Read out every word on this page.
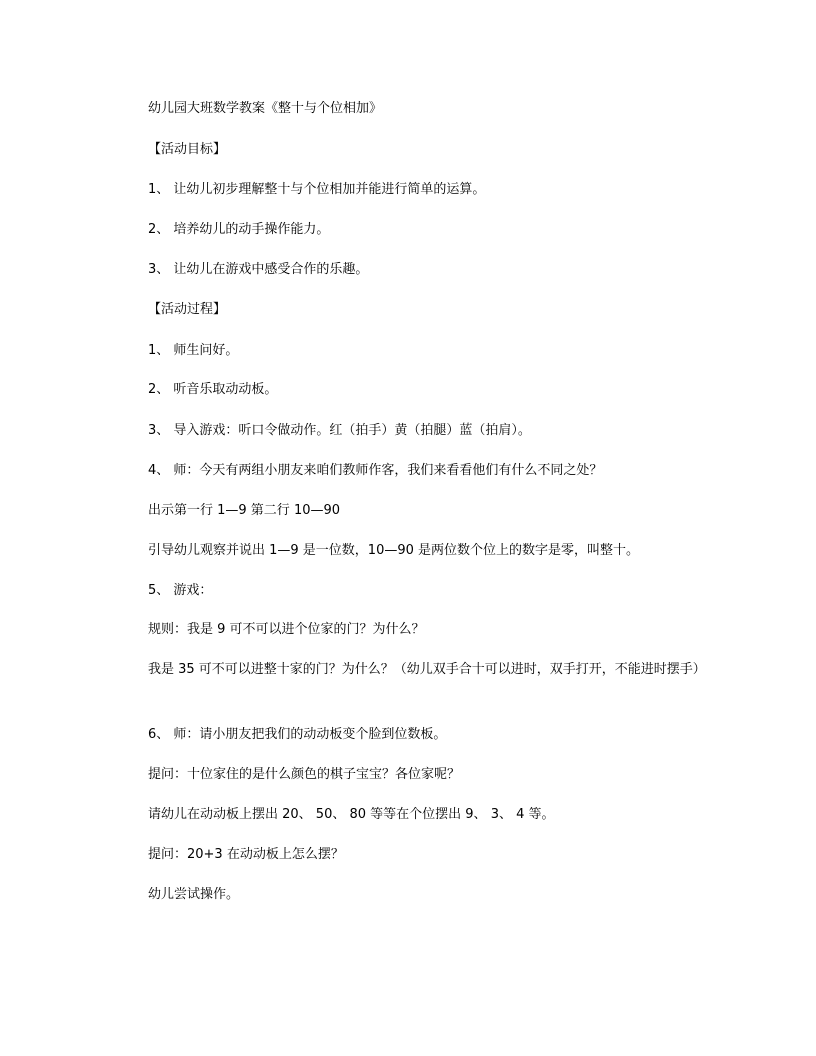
幼儿园大班数学教案《整十与个位相加》
【活动目标】
1、 让幼儿初步理解整十与个位相加并能进行简单的运算。
2、 培养幼儿的动手操作能力。
3、 让幼儿在游戏中感受合作的乐趣。
【活动过程】
1、 师生问好。
2、 听音乐取动动板。
3、 导入游戏：听口令做动作。红（拍手）黄（拍腿）蓝（拍肩）。
4、 师：今天有两组小朋友来咱们教师作客，我们来看看他们有什么不同之处？
出示第一行 1—9 第二行 10—90
引导幼儿观察并说出 1—9 是一位数，10—90 是两位数个位上的数字是零，叫整十。
5、 游戏：
规则：我是 9 可不可以进个位家的门？为什么？
我是 35 可不可以进整十家的门？为什么？（幼儿双手合十可以进时，双手打开，不能进时摆手）
6、 师：请小朋友把我们的动动板变个脸到位数板。
提问：十位家住的是什么颜色的棋子宝宝？各位家呢？
请幼儿在动动板上摆出 20、 50、 80 等等在个位摆出 9、 3、 4 等。
提问：20+3 在动动板上怎么摆？
幼儿尝试操作。
